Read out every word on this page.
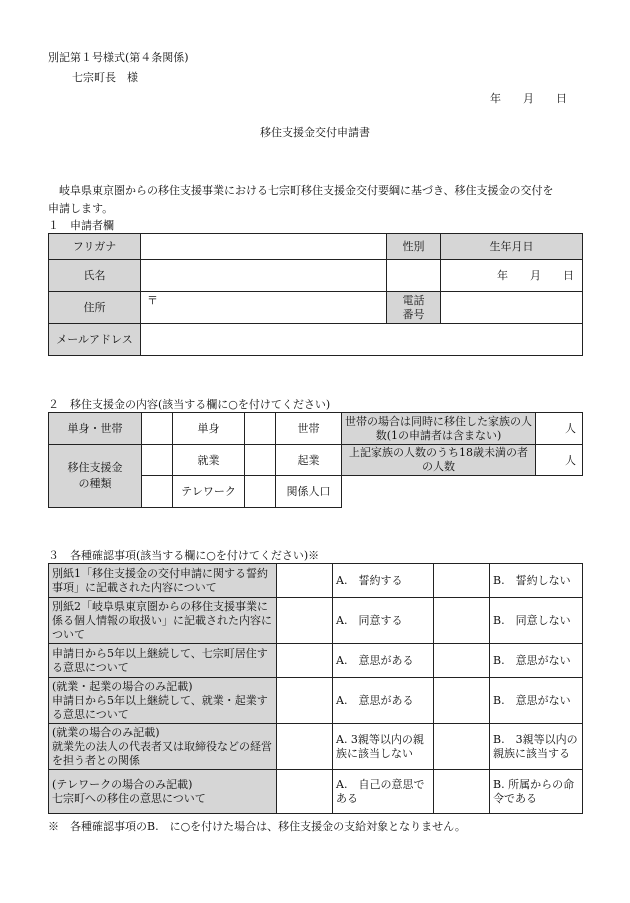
別記第１号様式(第４条関係)
七宗町長　様
年　　月　　日
移住支援金交付申請書
　岐阜県東京圏からの移住支援事業における七宗町移住支援金交付要綱に基づき、移住支援金の交付を
申請します。
１　申請者欄
フリガナ		性別	生年月日
氏名			年　　月　　日
住所	〒	電話
番号	
メールアドレス			
２　移住支援金の内容(該当する欄に○を付けてください)
単身・世帯		単身		世帯	世帯の場合は同時に移住した家族の人数(1の申請者は含まない)	人
移住支援金
の種類		就業		起業	上記家族の人数のうち18歳未満の者の人数	人
		テレワーク		関係人口		
３　各種確認事項(該当する欄に○を付けてください)※
別紙1「移住支援金の交付申請に関する誓約事項」に記載された内容について		A.　誓約する		B.　誓約しない
別紙2「岐阜県東京圏からの移住支援事業に係る個人情報の取扱い」に記載された内容について		A.　同意する		B.　同意しない
申請日から5年以上継続して、七宗町居住する意思について		A.　意思がある		B.　意思がない
(就業・起業の場合のみ記載)
申請日から5年以上継続して、就業・起業する意思について		A.　意思がある		B.　意思がない
(就業の場合のみ記載)
就業先の法人の代表者又は取締役などの経営を担う者との関係		A. 3親等以内の親族に該当しない		B.　3親等以内の親族に該当する
(テレワークの場合のみ記載)
七宗町への移住の意思について		A.　自己の意思である		B. 所属からの命令である
※　各種確認事項のB.　に○を付けた場合は、移住支援金の支給対象となりません。
